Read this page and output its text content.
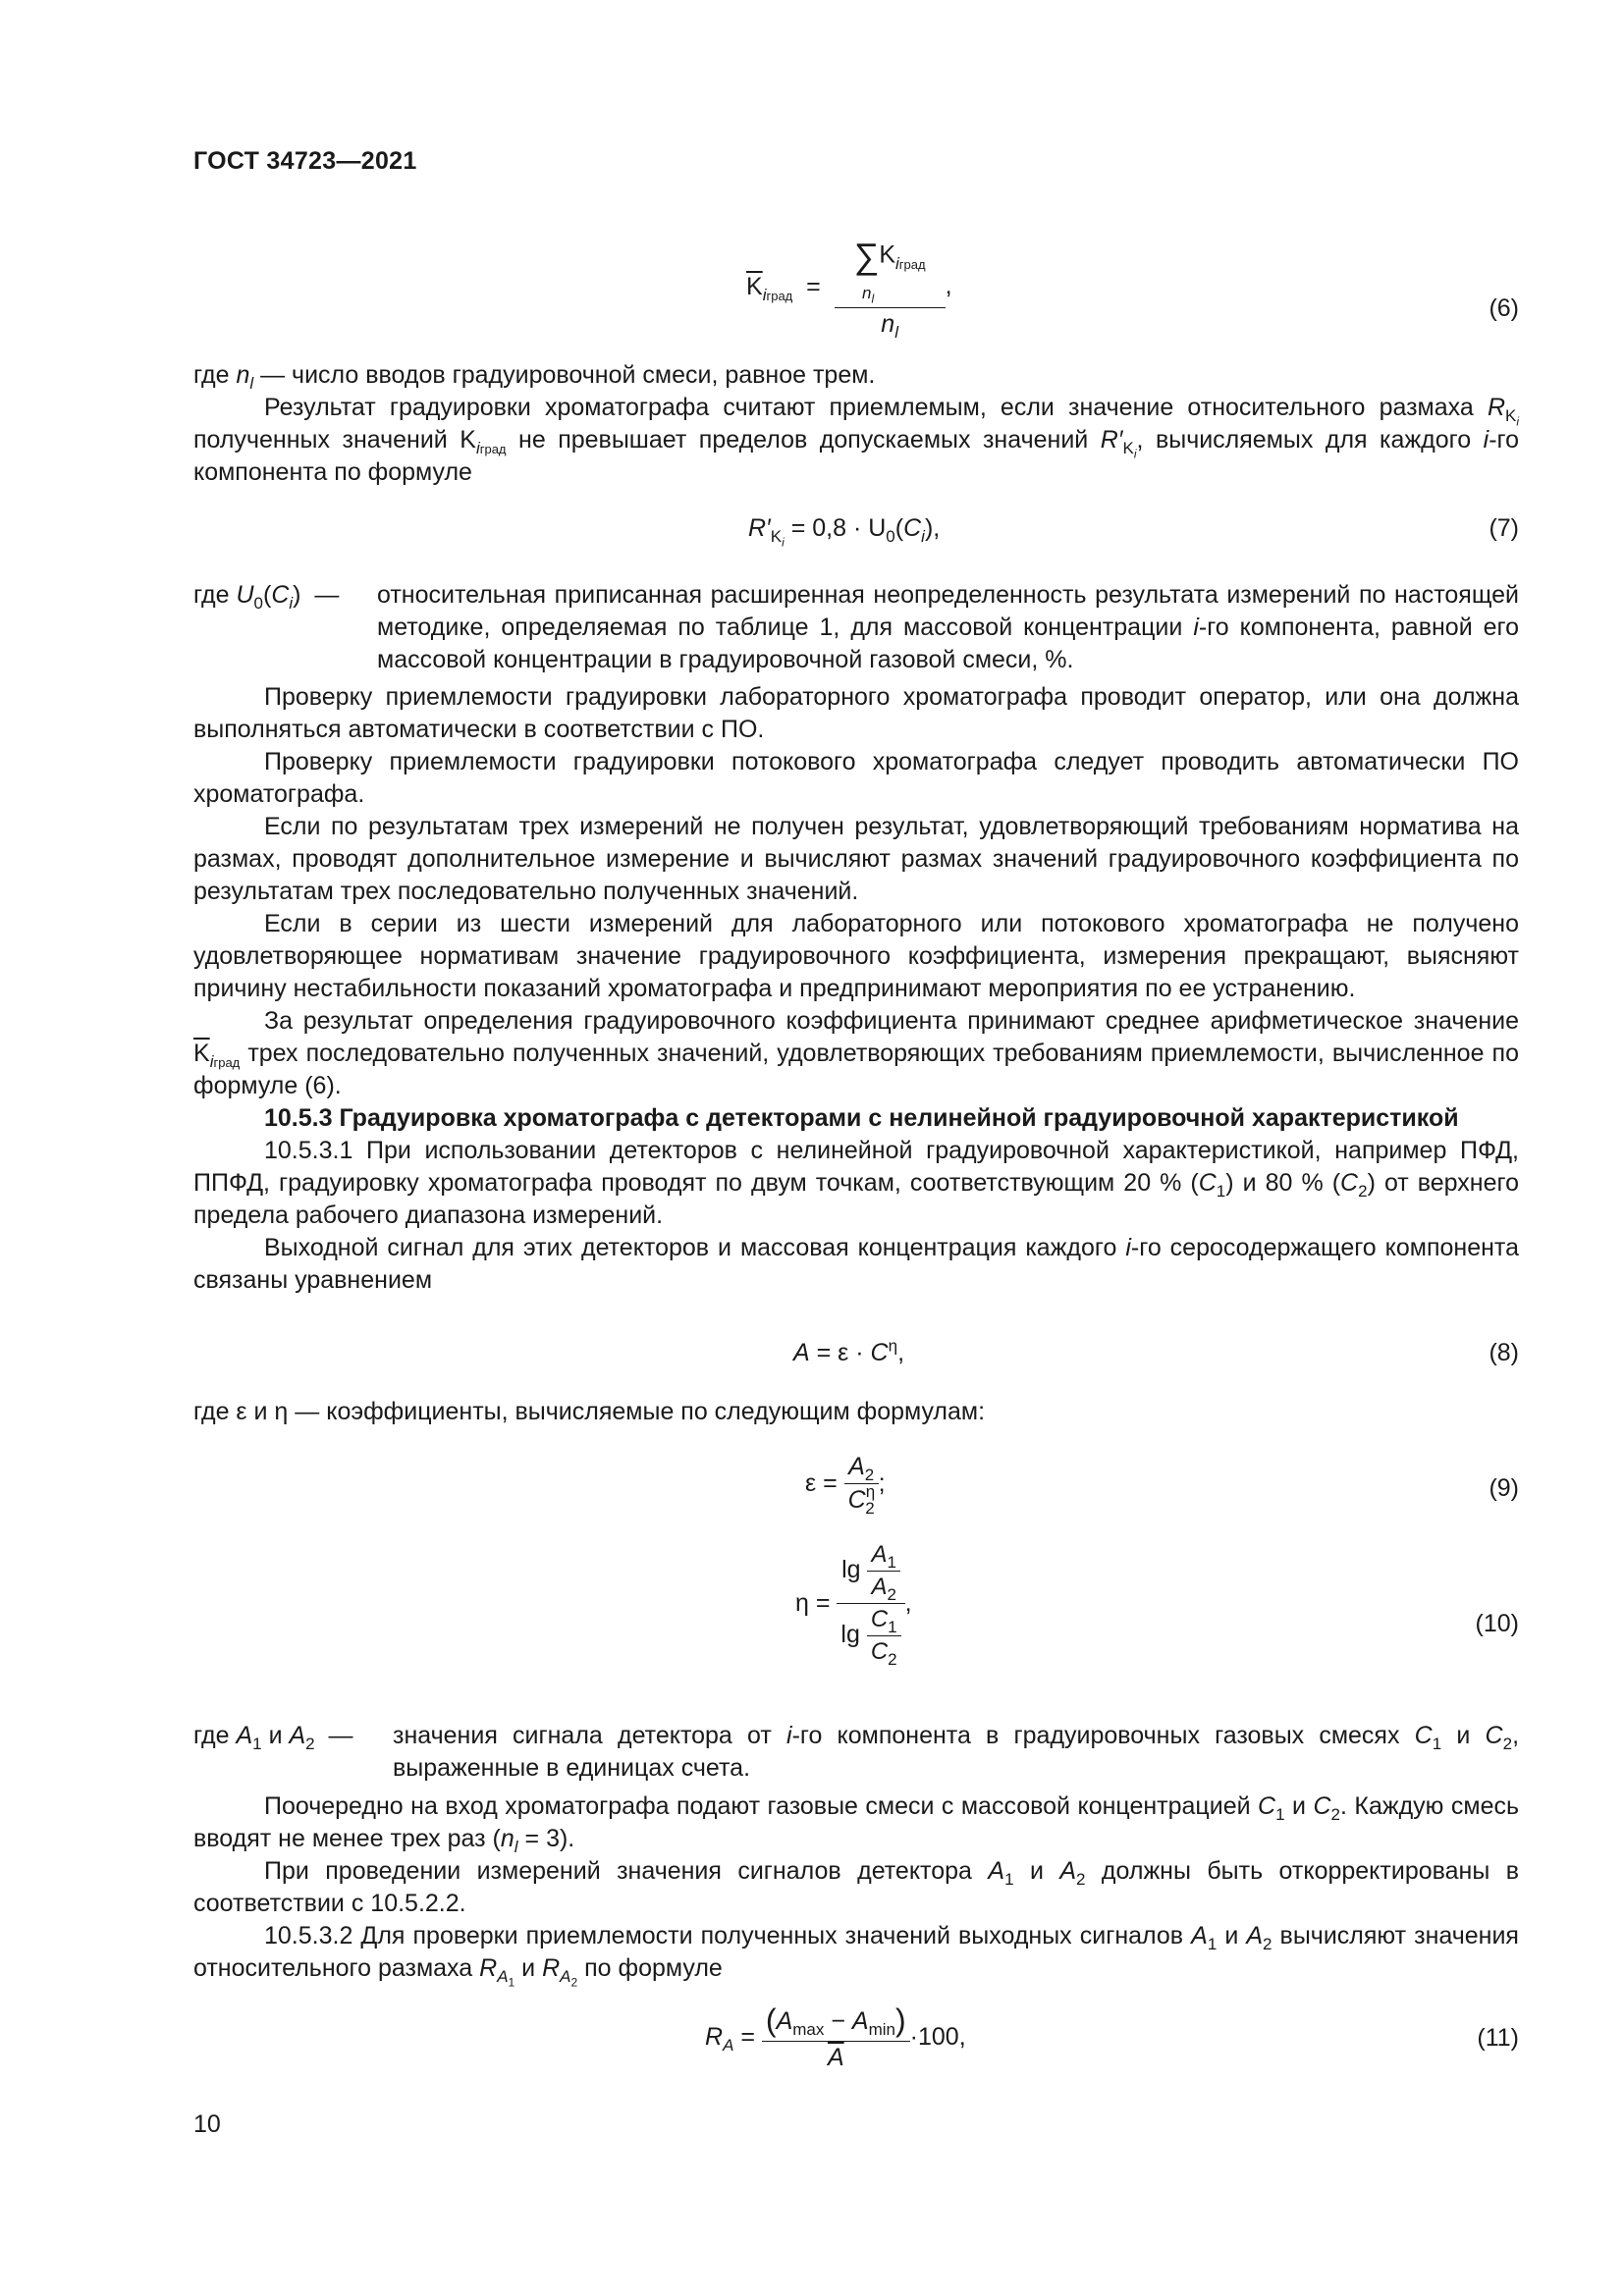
ГОСТ 34723—2021
$\overline{K}_{iград}$  =
$\sum K_{iград}$
$n_l$
$n_l$
,
(6)

где $n_l$ — число вводов градуировочной смеси, равное трем.

Результат градуировки хроматографа считают приемлемым, если значение относительного размаха $R_{K_i}$ полученных значений $K_{iград}$ не превышает пределов допускаемых значений $R'_{K_i}$, вычисляемых для каждого i-го компонента по формуле

$R'_{K_i} = 0,8 \cdot U_0(C_i)$,	(7)
где $U_0(C_i)$  — относительная приписанная расширенная неопределенность результата измерений по настоящей методике, определяемая по таблице 1, для массовой концентрации i-го компонента, равной его массовой концентрации в градуировочной газовой смеси, %.

Проверку приемлемости градуировки лабораторного хроматографа проводит оператор, или она должна выполняться автоматически в соответствии с ПО.

Проверку приемлемости градуировки потокового хроматографа следует проводить автоматически ПО хроматографа.

Если по результатам трех измерений не получен результат, удовлетворяющий требованиям норматива на размах, проводят дополнительное измерение и вычисляют размах значений градуировочного коэффициента по результатам трех последовательно полученных значений.

Если в серии из шести измерений для лабораторного или потокового хроматографа не получено удовлетворяющее нормативам значение градуировочного коэффициента, измерения прекращают, выясняют причину нестабильности показаний хроматографа и предпринимают мероприятия по ее устранению.

За результат определения градуировочного коэффициента принимают среднее арифметическое значение $\overline{K}_{iград}$ трех последовательно полученных значений, удовлетворяющих требованиям приемлемости, вычисленное по формуле (6).

10.5.3 Градуировка хроматографа с детекторами с нелинейной градуировочной характеристикой

10.5.3.1 При использовании детекторов с нелинейной градуировочной характеристикой, например ПФД, ППФД, градуировку хроматографа проводят по двум точкам, соответствующим 20 % $(C_1)$ и 80 % $(C_2)$ от верхнего предела рабочего диапазона измерений.

Выходной сигнал для этих детекторов и массовая концентрация каждого i-го серосодержащего компонента связаны уравнением

$A = \varepsilon \cdot C^\eta$,	(8)

где ε и η — коэффициенты, вычисляемые по следующим формулам:

$\varepsilon = \frac{A_2}{C^\eta_2}$ ;	(9)
$\eta = \frac{\lg \frac{A_1}{A_2}}{\lg \frac{C_1}{C_2}}$ ,
(10)
где $A_1$ и $A_2$ — значения сигнала детектора от i-го компонента в градуировочных газовых смесях $C_1$ и $C_2$, выраженные в единицах счета.

Поочередно на вход хроматографа подают газовые смеси с массовой концентрацией $C_1$ и $C_2$. Каждую смесь вводят не менее трех раз $(n_l = 3)$.

При проведении измерений значения сигналов детектора $A_1$ и $A_2$ должны быть откорректированы в соответствии с 10.5.2.2.

10.5.3.2 Для проверки приемлемости полученных значений выходных сигналов $A_1$ и $A_2$ вычисляют значения относительного размаха $R_{A_1}$ и $R_{A_2}$ по формуле

$R_A = \frac{(A_{max} - A_{min})}{A} \cdot 100$,	(11)
10
